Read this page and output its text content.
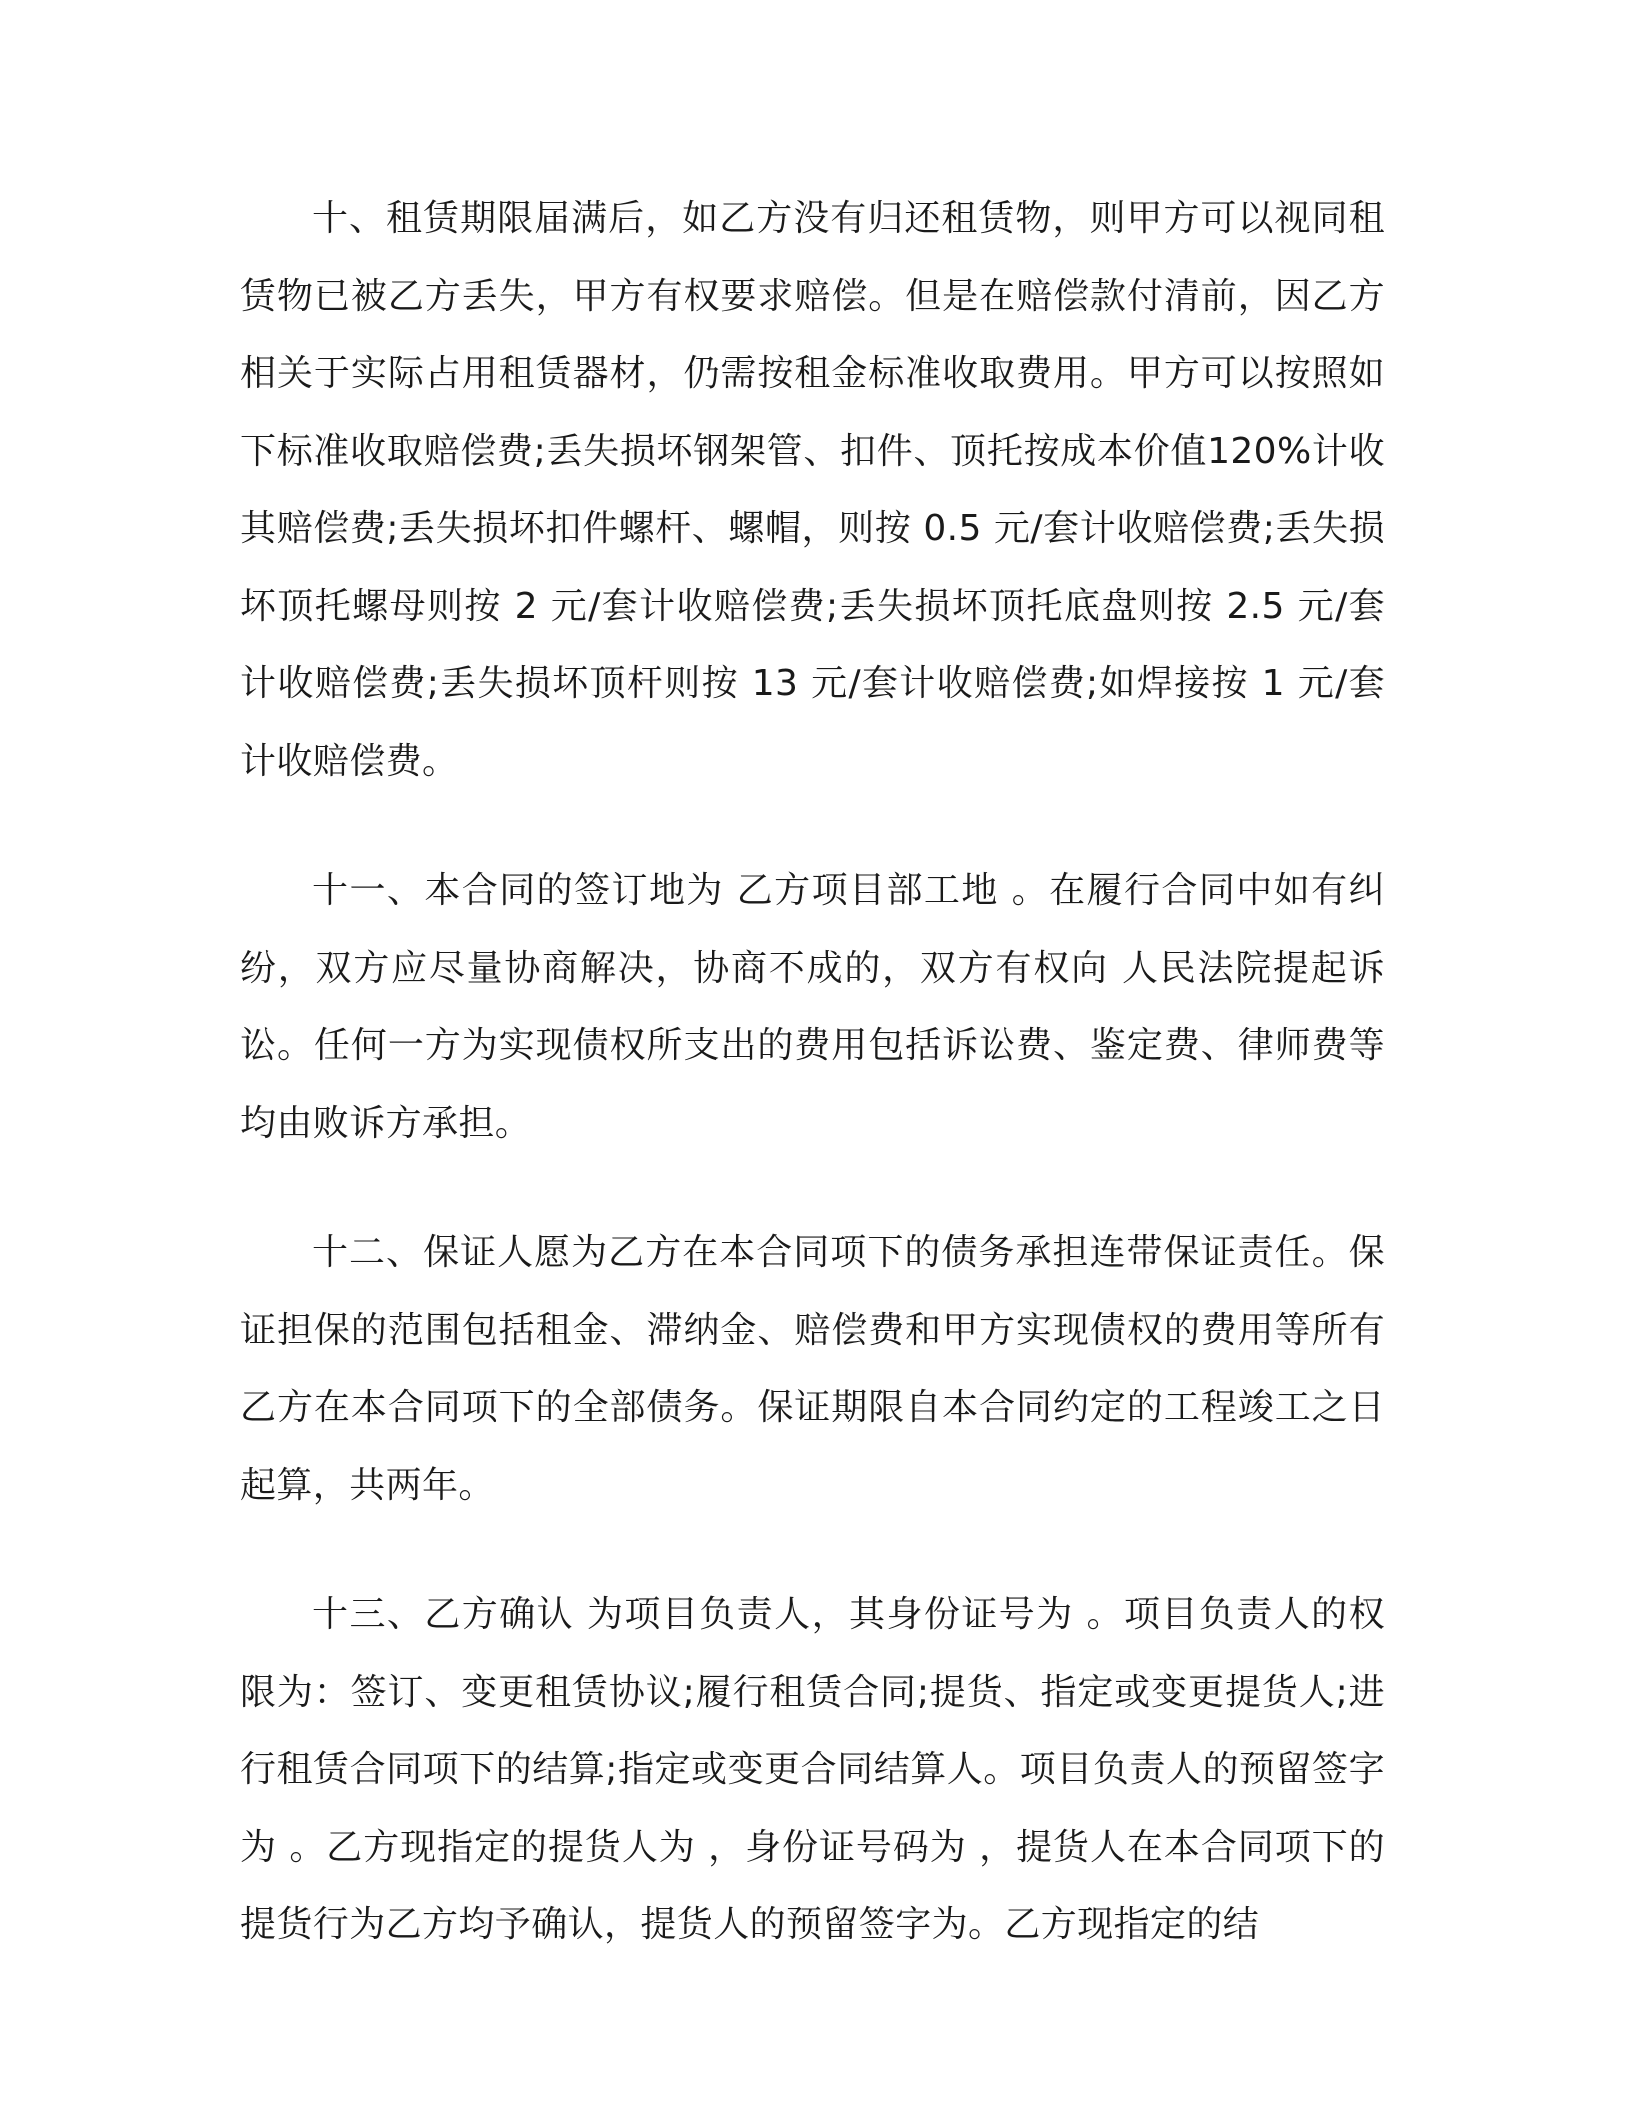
十、租赁期限届满后，如乙方没有归还租赁物，则甲方可以视同租赁物已被乙方丢失，甲方有权要求赔偿。但是在赔偿款付清前，因乙方相关于实际占用租赁器材，仍需按租金标准收取费用。甲方可以按照如下标准收取赔偿费;丢失损坏钢架管、扣件、顶托按成本价值120%计收其赔偿费;丢失损坏扣件螺杆、螺帽，则按 0.5 元/套计收赔偿费;丢失损坏顶托螺母则按 2 元/套计收赔偿费;丢失损坏顶托底盘则按 2.5 元/套计收赔偿费;丢失损坏顶杆则按 13 元/套计收赔偿费;如焊接按 1 元/套计收赔偿费。

十一、本合同的签订地为 乙方项目部工地 。在履行合同中如有纠纷，双方应尽量协商解决，协商不成的，双方有权向 人民法院提起诉讼。任何一方为实现债权所支出的费用包括诉讼费、鉴定费、律师费等均由败诉方承担。

十二、保证人愿为乙方在本合同项下的债务承担连带保证责任。保证担保的范围包括租金、滞纳金、赔偿费和甲方实现债权的费用等所有乙方在本合同项下的全部债务。保证期限自本合同约定的工程竣工之日起算，共两年。

十三、乙方确认 为项目负责人，其身份证号为 。项目负责人的权限为：签订、变更租赁协议;履行租赁合同;提货、指定或变更提货人;进行租赁合同项下的结算;指定或变更合同结算人。项目负责人的预留签字为 。乙方现指定的提货人为 ，身份证号码为 ，提货人在本合同项下的提货行为乙方均予确认，提货人的预留签字为。乙方现指定的结
